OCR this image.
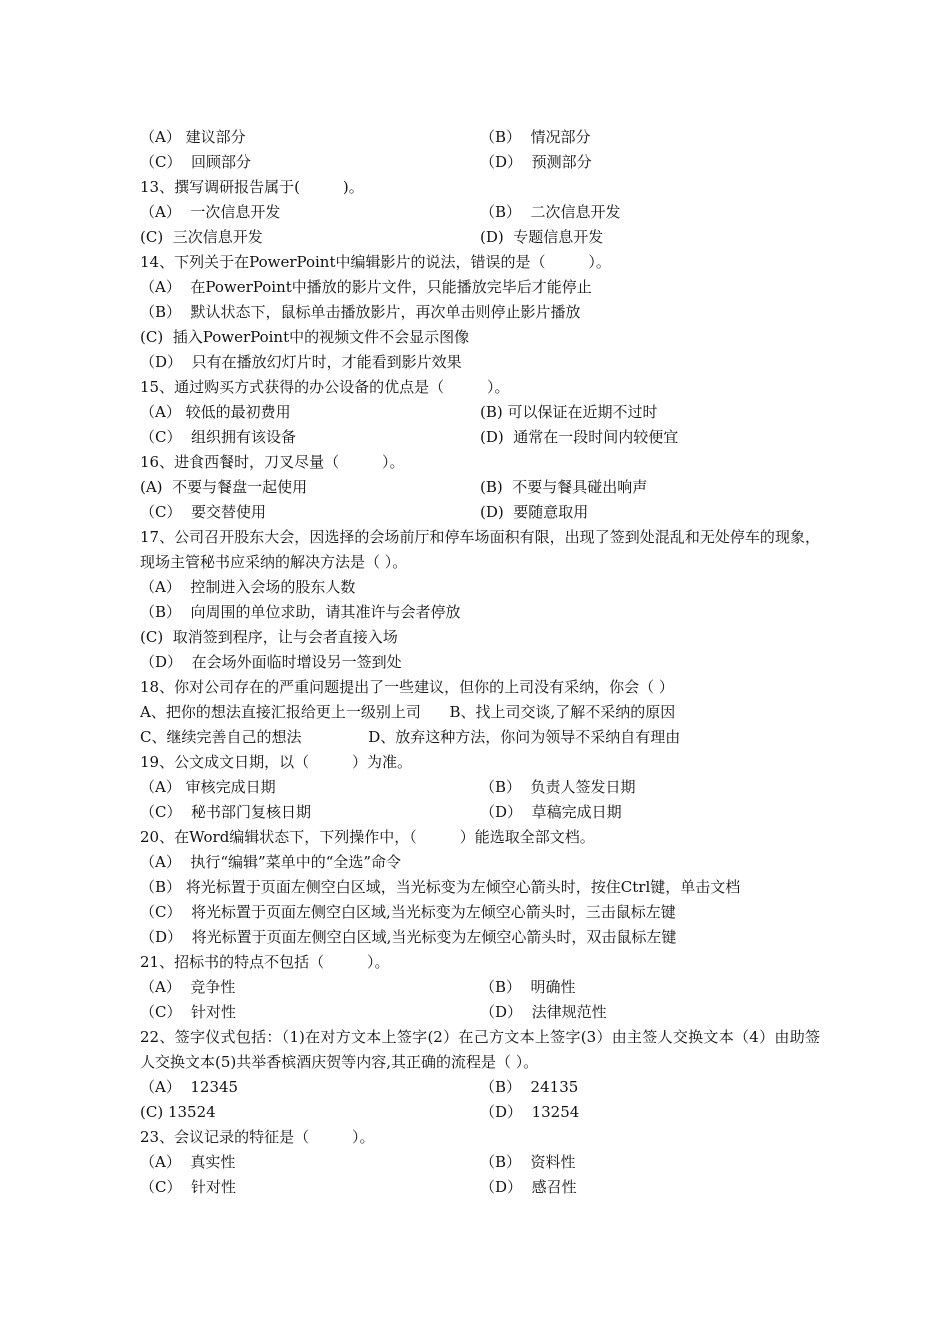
（A） 建议部分	（B）  情况部分
（C）  回顾部分	（D）  预测部分
13、撰写调研报告属于(         )。
（A）  一次信息开发	（B）  二次信息开发
(C)  三次信息开发	(D)  专题信息开发
14、下列关于在PowerPoint中编辑影片的说法，错误的是（         ）。
（A）  在PowerPoint中播放的影片文件，只能播放完毕后才能停止
（B）  默认状态下，鼠标单击播放影片，再次单击则停止影片播放
(C)  插入PowerPoint中的视频文件不会显示图像
（D）  只有在播放幻灯片时，才能看到影片效果
15、通过购买方式获得的办公设备的优点是（         ）。
（A） 较低的最初费用	(B) 可以保证在近期不过时
（C）  组织拥有该设备	(D)  通常在一段时间内较便宜
16、进食西餐时，刀叉尽量（         ）。
(A)  不要与餐盘一起使用	(B)  不要与餐具碰出响声
（C）  要交替使用	(D)  要随意取用
17、公司召开股东大会，因选择的会场前厅和停车场面积有限，出现了签到处混乱和无处停车的现象，现场主管秘书应采纳的解决方法是（ ）。
（A）  控制进入会场的股东人数
（B）  向周围的单位求助，请其准许与会者停放
(C)  取消签到程序，让与会者直接入场
（D）  在会场外面临时增设另一签到处
18、你对公司存在的严重问题提出了一些建议，但你的上司没有采纳，你会（ ）
A、把你的想法直接汇报给更上一级别上司      B、找上司交谈,了解不采纳的原因
C、继续完善自己的想法              D、放弃这种方法，你问为领导不采纳自有理由
19、公文成文日期，以（         ）为准。
（A） 审核完成日期	（B）  负责人签发日期
（C）  秘书部门复核日期	（D）  草稿完成日期
20、在Word编辑状态下，下列操作中，（         ）能选取全部文档。
（A）  执行“编辑”菜单中的“全选”命令
（B） 将光标置于页面左侧空白区域，当光标变为左倾空心箭头时，按住Ctrl键，单击文档
（C）  将光标置于页面左侧空白区域,当光标变为左倾空心箭头时，三击鼠标左键
（D）  将光标置于页面左侧空白区域,当光标变为左倾空心箭头时，双击鼠标左键
21、招标书的特点不包括（         ）。
（A）  竞争性	（B）  明确性
（C）  针对性	（D）  法律规范性
22、签字仪式包括：（1)在对方文本上签字(2）在己方文本上签字(3）由主签人交换文本（4）由助签人交换文本(5)共举香槟酒庆贺等内容,其正确的流程是（ ）。
（A）  12345	（B）  24135
(C) 13524	（D）  13254
23、会议记录的特征是（         ）。
（A）  真实性	（B）  资料性
（C）  针对性	（D）  感召性
